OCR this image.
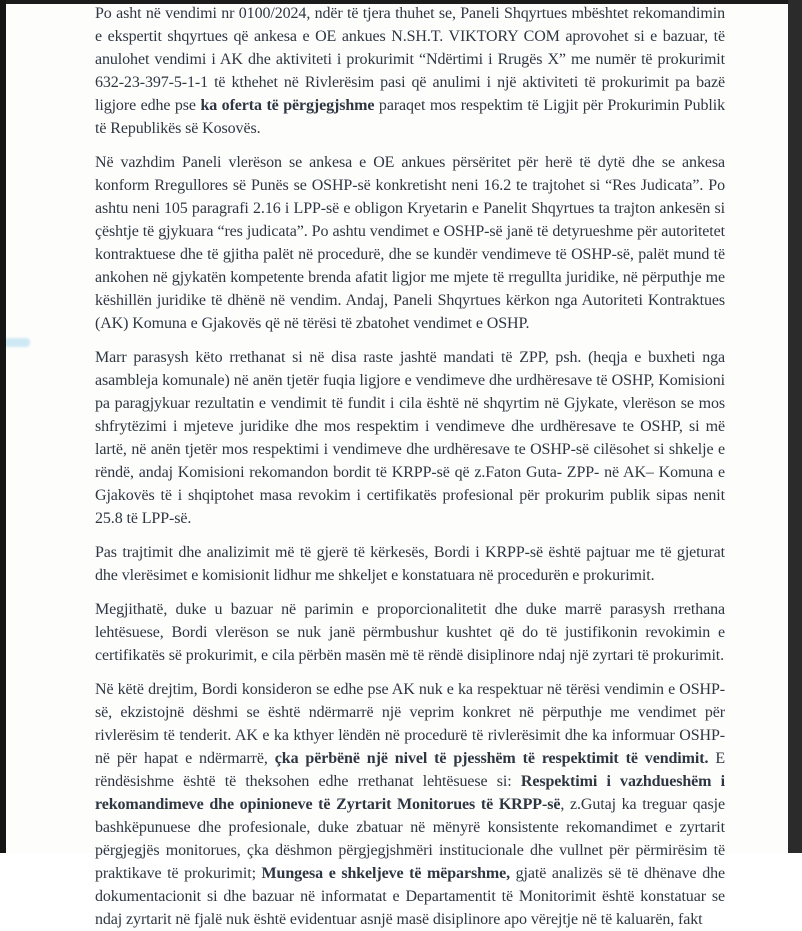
Po asht në vendimi nr 0100/2024, ndër të tjera thuhet se, Paneli Shqyrtues mbështet rekomandimin e ekspertit shqyrtues që ankesa e OE ankues N.SH.T. VIKTORY COM aprovohet si e bazuar, të anulohet vendimi i AK dhe aktiviteti i prokurimit “Ndërtimi i Rrugës X” me numër të prokurimit 632-23-397-5-1-1 të kthehet në Rivlerësim pasi që anulimi i një aktiviteti të prokurimit pa bazë ligjore edhe pse ka oferta të përgjegjshme paraqet mos respektim të Ligjit për Prokurimin Publik të Republikës së Kosovës.

Në vazhdim Paneli vlerëson se ankesa e OE ankues përsëritet për herë të dytë dhe se ankesa konform Rregullores së Punës se OSHP-së konkretisht neni 16.2 te trajtohet si “Res Judicata”. Po ashtu neni 105 paragrafi 2.16 i LPP-së e obligon Kryetarin e Panelit Shqyrtues ta trajton ankesën si çështje të gjykuara “res judicata”. Po ashtu vendimet e OSHP-së janë të detyrueshme për autoritetet kontraktuese dhe të gjitha palët në procedurë, dhe se kundër vendimeve të OSHP-së, palët mund të ankohen në gjykatën kompetente brenda afatit ligjor me mjete të rregullta juridike, në përputhje me këshillën juridike të dhënë në vendim. Andaj, Paneli Shqyrtues kërkon nga Autoriteti Kontraktues (AK) Komuna e Gjakovës që në tërësi të zbatohet vendimet e OSHP.

Marr parasysh këto rrethanat si në disa raste jashtë mandati të ZPP, psh. (heqja e buxheti nga asambleja komunale) në anën tjetër fuqia ligjore e vendimeve dhe urdhëresave të OSHP, Komisioni pa paragjykuar rezultatin e vendimit të fundit i cila është në shqyrtim në Gjykate, vlerëson se mos shfrytëzimi i mjeteve juridike dhe mos respektim i vendimeve dhe urdhëresave te OSHP, si më lartë, në anën tjetër mos respektimi i vendimeve dhe urdhëresave te OSHP-së cilësohet si shkelje e rëndë, andaj Komisioni rekomandon bordit të KRPP-së që z.Faton Guta- ZPP- në AK– Komuna e Gjakovës të i shqiptohet masa revokim i certifikatës profesional për prokurim publik sipas nenit 25.8 të LPP-së.

Pas trajtimit dhe analizimit më të gjerë të kërkesës, Bordi i KRPP-së është pajtuar me të gjeturat dhe vlerësimet e komisionit lidhur me shkeljet e konstatuara në procedurën e prokurimit.

Megjithatë, duke u bazuar në parimin e proporcionalitetit dhe duke marrë parasysh rrethana lehtësuese, Bordi vlerëson se nuk janë përmbushur kushtet që do të justifikonin revokimin e certifikatës së prokurimit, e cila përbën masën më të rëndë disiplinore ndaj një zyrtari të prokurimit.

Në këtë drejtim, Bordi konsideron se edhe pse AK nuk e ka respektuar në tërësi vendimin e OSHP-së, ekzistojnë dëshmi se është ndërmarrë një veprim konkret në përputhje me vendimet për rivlerësim të tenderit. AK e ka kthyer lëndën në procedurë të rivlerësimit dhe ka informuar OSHP-në për hapat e ndërmarrë, çka përbënë një nivel të pjesshëm të respektimit të vendimit. E rëndësishme është të theksohen edhe rrethanat lehtësuese si: Respektimi i vazhdueshëm i rekomandimeve dhe opinioneve të Zyrtarit Monitorues të KRPP-së, z.Gutaj ka treguar qasje bashkëpunuese dhe profesionale, duke zbatuar në mënyrë konsistente rekomandimet e zyrtarit përgjegjës monitorues, çka dëshmon përgjegjshmëri institucionale dhe vullnet për përmirësim të praktikave të prokurimit; Mungesa e shkeljeve të mëparshme, gjatë analizës së të dhënave dhe dokumentacionit si dhe bazuar në informatat e Departamentit të Monitorimit është konstatuar se ndaj zyrtarit në fjalë nuk është evidentuar asnjë masë disiplinore apo vërejtje në të kaluarën, fakt
